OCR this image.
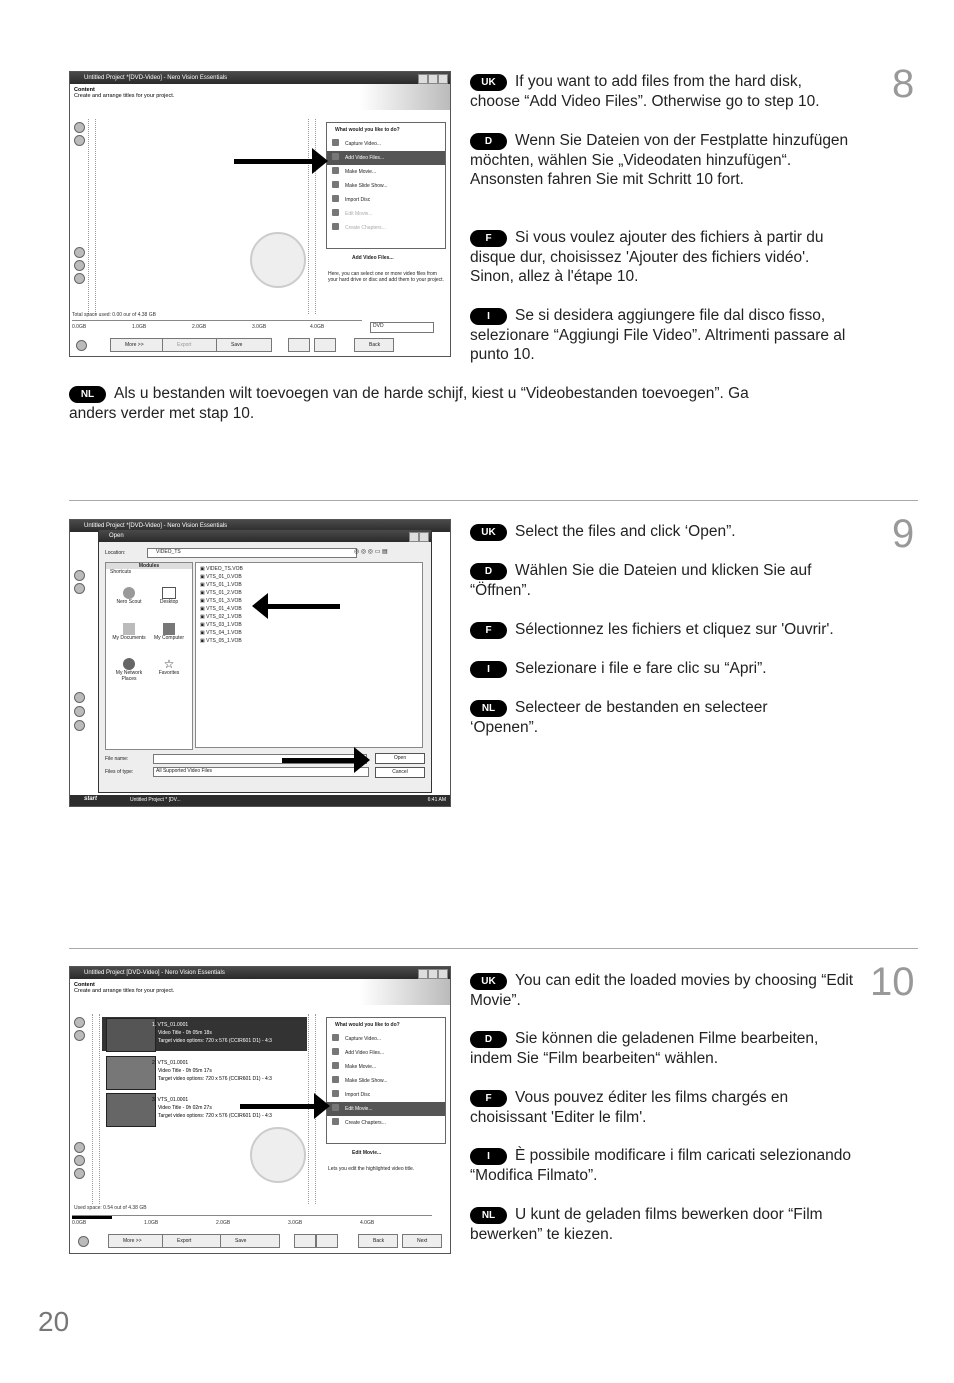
Untitled Project *[DVD-Video] - Nero Vision Essentials
Content
Create and arrange titles for your project.
What would you like to do?
Capture Video...
Add Video Files...
Make Movie...
Make Slide Show...
Import Disc
Edit Movie...
Create Chapters...
Add Video Files...
Here, you can select one or more video files from your hard drive or disc and add them to your project.
Total space used: 0.00 our of 4.38 GB
0.0GB	1.0GB	2.0GB	3.0GB	4.0GB	DVD
More >>	Export	Save	Back
8
UK If you want to add files from the hard disk, choose “Add Video Files”. Otherwise go to step 10.
D Wenn Sie Dateien von der Festplatte hinzufügen möchten, wählen Sie „Videodaten hinzufügen“. Ansonsten fahren Sie mit Schritt 10 fort.
F Si vous voulez ajouter des fichiers à partir du disque dur, choisissez 'Ajouter des fichiers vidéo'. Sinon, allez à l'étape 10.
I Se si desidera aggiungere file dal disco fisso, selezionare “Aggiungi File Video”. Altrimenti passare al punto 10.
NL Als u bestanden wilt toevoegen van de harde schijf, kiest u “Videobestanden toevoegen”. Ga anders verder met stap 10.
Untitled Project *[DVD-Video] - Nero Vision Essentials
Open
Location:	VIDEO_TS	◎ ◎ ◎ ▭ ▤
Modules
Shortcuts
Nero Scout	Desktop
My Documents	My Computer
My Network Places
☆
Favorites
▣ VIDEO_TS.VOB
▣ VTS_01_0.VOB
▣ VTS_01_1.VOB
▣ VTS_01_2.VOB
▣ VTS_01_3.VOB
▣ VTS_01_4.VOB
▣ VTS_02_1.VOB
▣ VTS_03_1.VOB
▣ VTS_04_1.VOB
▣ VTS_05_1.VOB
File name:
Files of type:	All Supported Video Files
Open
Cancel
start	Untitled Project * [DV...	6:41 AM
9
UK Select the files and click ‘Open”.
D Wählen Sie die Dateien und klicken Sie auf “Öffnen”.
F Sélectionnez les fichiers et cliquez sur 'Ouvrir'.
I Selezionare i file e fare clic su “Apri”.
NL Selecteer de bestanden en selecteer ‘Openen”.
Untitled Project [DVD-Video] - Nero Vision Essentials
Content
Create and arrange titles for your project.
1. VTS_01.0001
Video Title - 0h 05m 18s
Target video options: 720 x 576 (CCIR601 D1) - 4:3
2. VTS_01.0001
Video Title - 0h 05m 17s
Target video options: 720 x 576 (CCIR601 D1) - 4:3
3. VTS_01.0001
Video Title - 0h 02m 27s
Target video options: 720 x 576 (CCIR601 D1) - 4:3
What would you like to do?
Capture Video...
Add Video Files...
Make Movie...
Make Slide Show...
Import Disc
Edit Movie...
Create Chapters...
Edit Movie...
Lets you edit the highlighted video title.
Used space: 0.54 out of 4.38 GB
0.0GB	1.0GB	2.0GB	3.0GB	4.0GB
More >>	Export	Save	Back	Next
10
UK You can edit the loaded movies by choosing “Edit Movie”.
D Sie können die geladenen Filme bearbeiten, indem Sie “Film bearbeiten“ wählen.
F Vous pouvez éditer les films chargés en choisissant 'Editer le film'.
I È possibile modificare i film caricati selezionando “Modifica Filmato”.
NL U kunt de geladen films bewerken door “Film bewerken” te kiezen.
20
